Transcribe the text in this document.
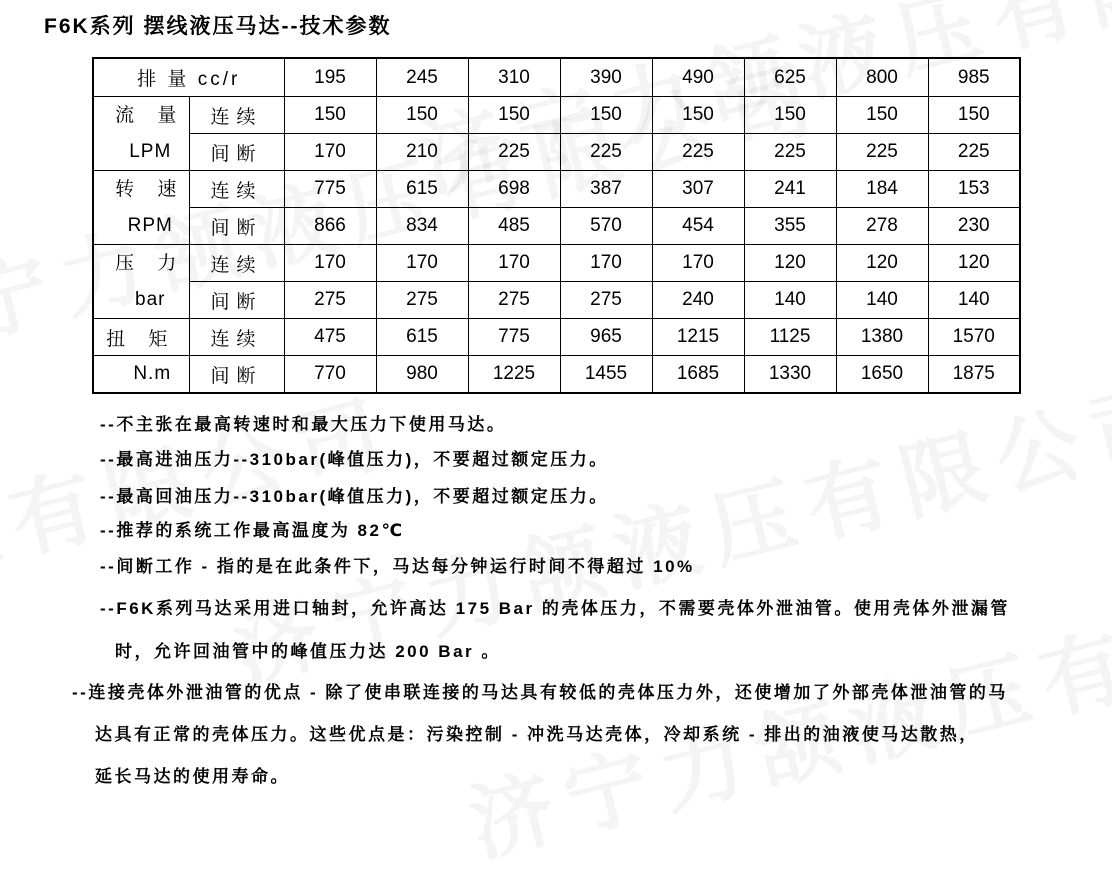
F6K系列 摆线液压马达--技术参数
排 量 cc/r		195	245	310	390	490	625	800	985

流 量
LPM	连续	150	150	150	150	150	150	150	150
	间断	170	210	225	225	225	225	225	225

转 速
RPM	连续	775	615	698	387	307	241	184	153
	间断	866	834	485	570	454	355	278	230

压 力
bar	连续	170	170	170	170	170	120	120	120
	间断	275	275	275	275	240	140	140	140
扭 矩	连续	475	615	775	965	1215	1125	1380	1570
N.m	间断	770	980	1225	1455	1685	1330	1650	1875
--不主张在最高转速时和最大压力下使用马达。
--最高进油压力--310bar(峰值压力)，不要超过额定压力。
--最高回油压力--310bar(峰值压力)，不要超过额定压力。
--推荐的系统工作最高温度为 82℃
--间断工作 - 指的是在此条件下，马达每分钟运行时间不得超过 10%
--F6K系列马达采用进口轴封，允许高达 175 Bar 的壳体压力，不需要壳体外泄油管。使用壳体外泄漏管
时，允许回油管中的峰值压力达 200 Bar 。
--连接壳体外泄油管的优点 - 除了使串联连接的马达具有较低的壳体压力外，还使增加了外部壳体泄油管的马
达具有正常的壳体压力。这些优点是：污染控制 - 冲洗马达壳体，冷却系统 - 排出的油液使马达散热，
延长马达的使用寿命。
